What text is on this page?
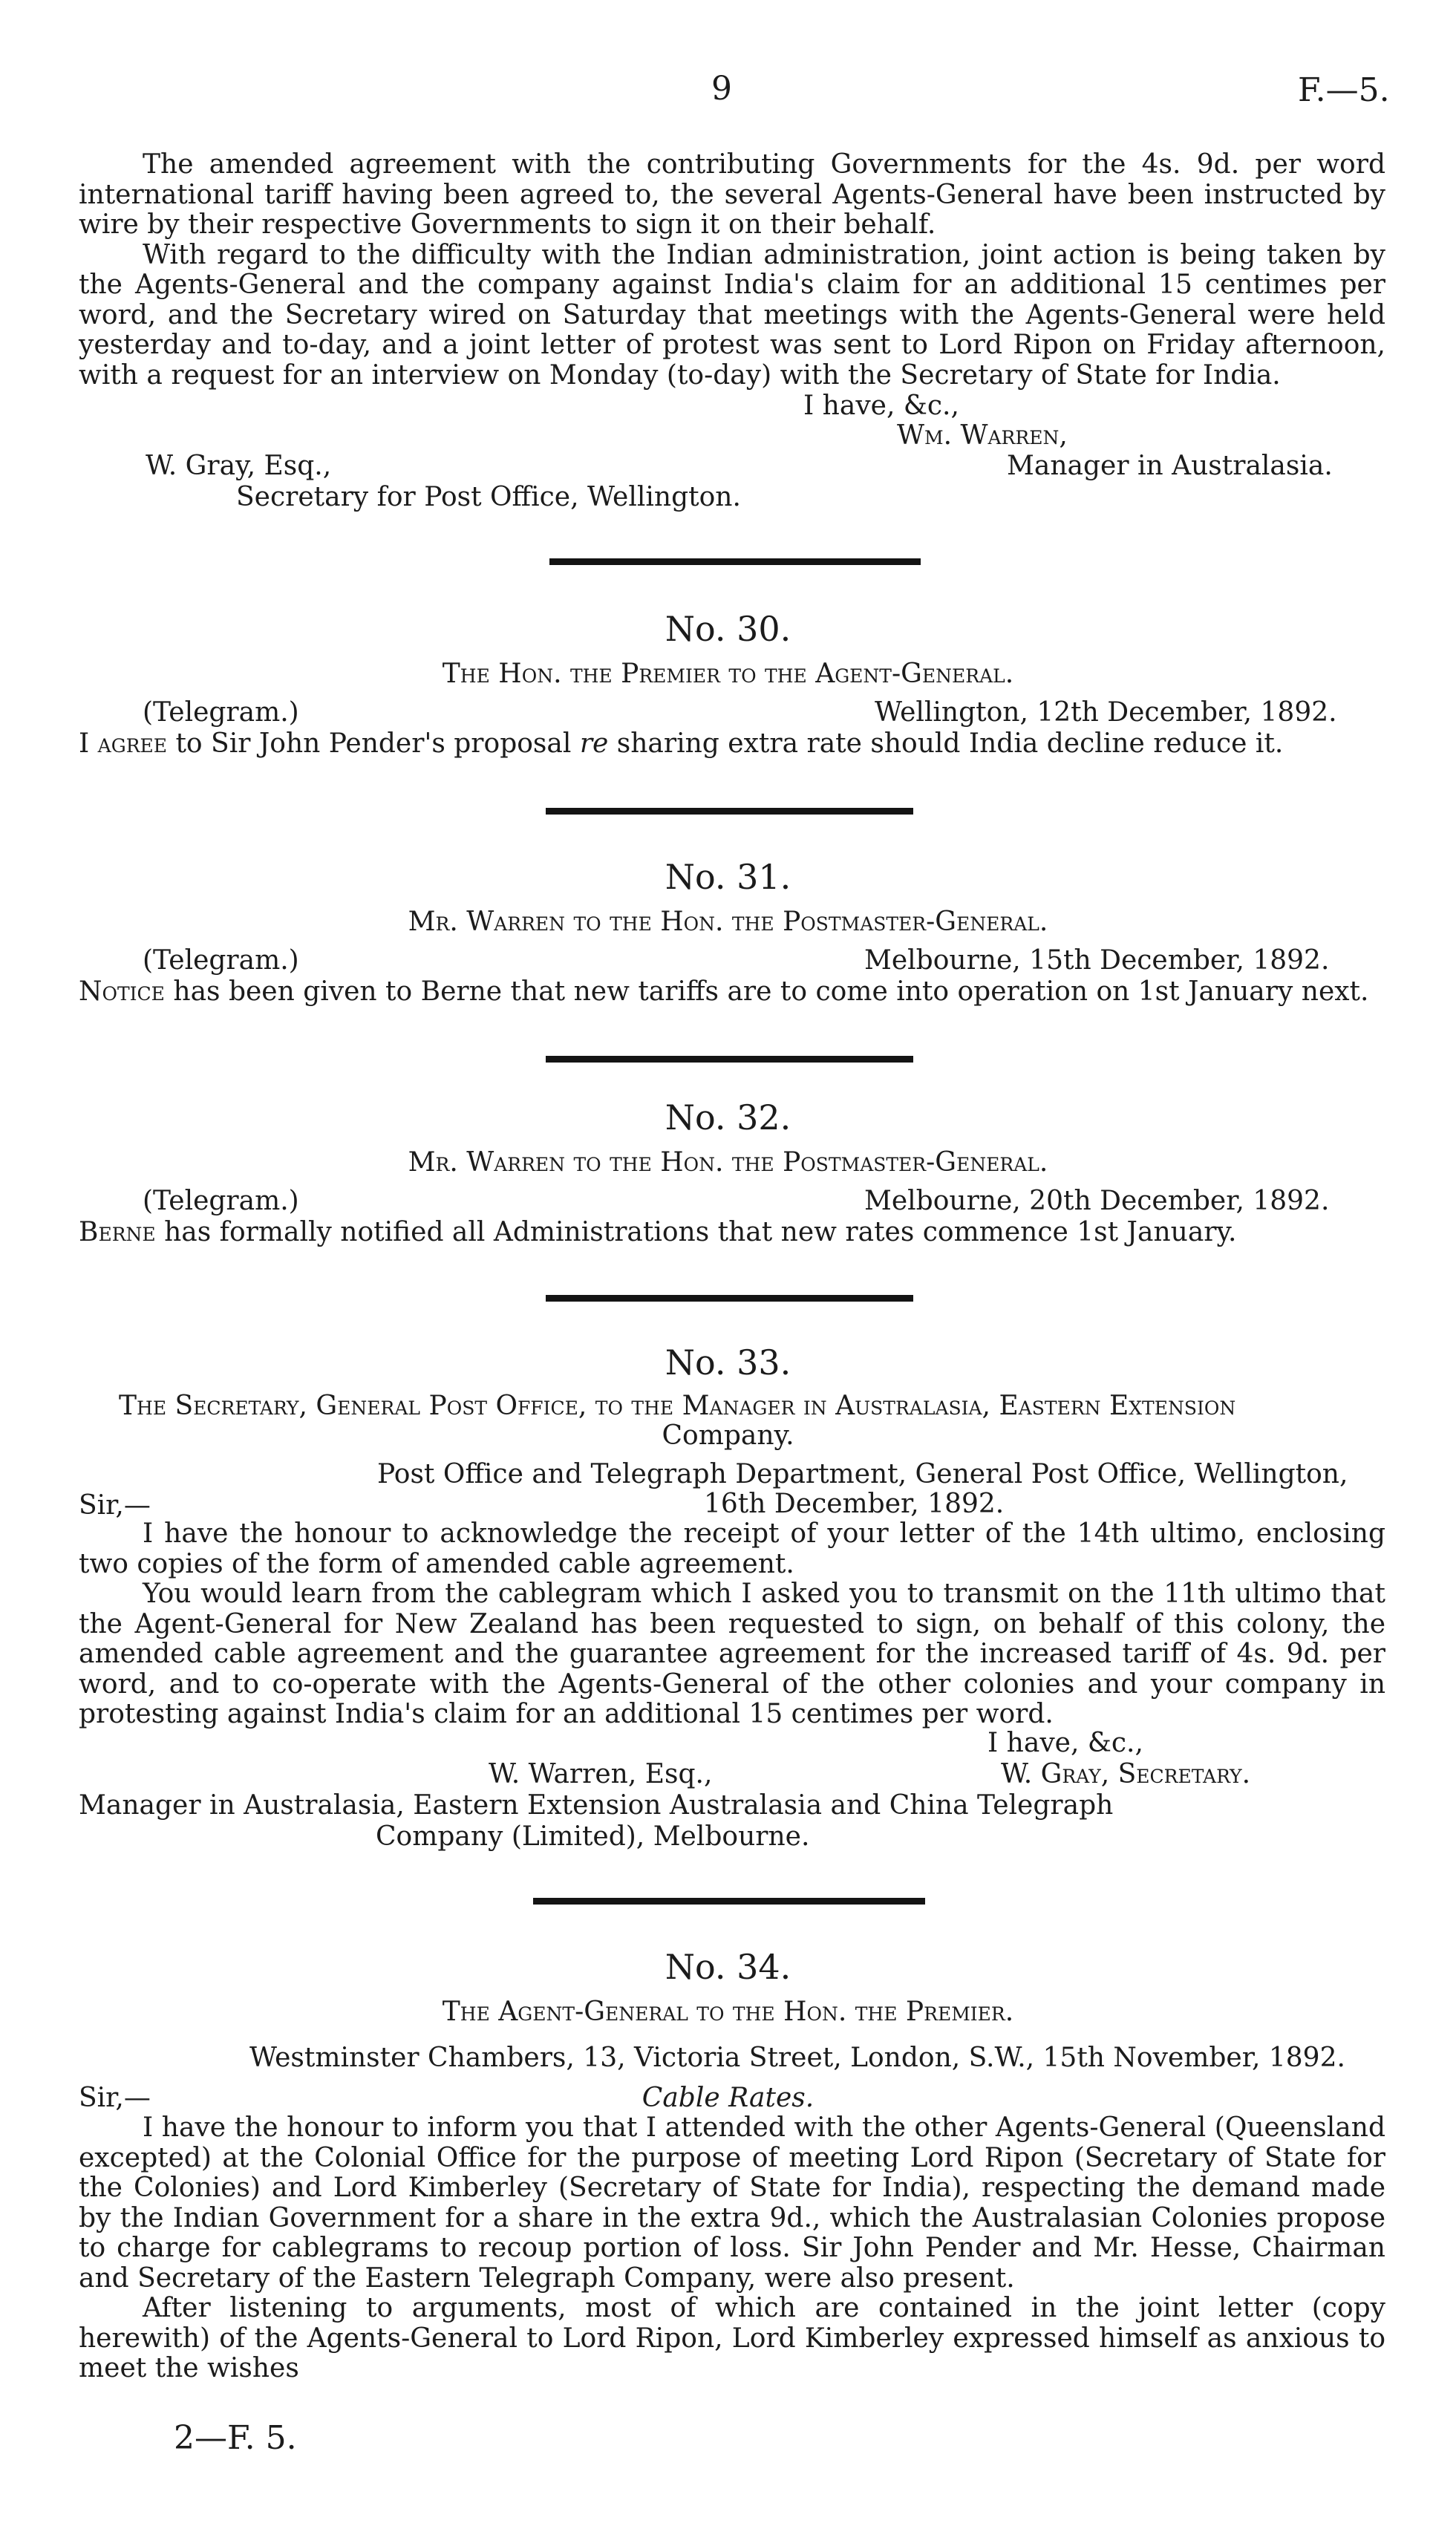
9	F.—5.

The amended agreement with the contributing Governments for the 4s. 9d. per word international tariff having been agreed to, the several Agents-General have been instructed by wire by their respective Governments to sign it on their behalf.

With regard to the difficulty with the Indian administration, joint action is being taken by the Agents-General and the company against India's claim for an additional 15 centimes per word, and the Secretary wired on Saturday that meetings with the Agents-General were held yesterday and to-day, and a joint letter of protest was sent to Lord Ripon on Friday afternoon, with a request for an interview on Monday (to-day) with the Secretary of State for India.

I have, &c.,
Wm. Warren,
W. Gray, Esq.,	Manager in Australasia.
Secretary for Post Office, Wellington.
No. 30.
The Hon. the Premier to the Agent-General.
(Telegram.)	Wellington, 12th December, 1892.
I agree to Sir John Pender's proposal re sharing extra rate should India decline reduce it.
No. 31.
Mr. Warren to the Hon. the Postmaster-General.
(Telegram.)	Melbourne, 15th December, 1892.
Notice has been given to Berne that new tariffs are to come into operation on 1st January next.
No. 32.
Mr. Warren to the Hon. the Postmaster-General.
(Telegram.)	Melbourne, 20th December, 1892.
Berne has formally notified all Administrations that new rates commence 1st January.
No. 33.
The Secretary, General Post Office, to the Manager in Australasia, Eastern Extension
Company.
Post Office and Telegraph Department, General Post Office, Wellington,
Sir,—	16th December, 1892.

I have the honour to acknowledge the receipt of your letter of the 14th ultimo, enclosing two copies of the form of amended cable agreement.

You would learn from the cablegram which I asked you to transmit on the 11th ultimo that the Agent-General for New Zealand has been requested to sign, on behalf of this colony, the amended cable agreement and the guarantee agreement for the increased tariff of 4s. 9d. per word, and to co-operate with the Agents-General of the other colonies and your company in protesting against India's claim for an additional 15 centimes per word.

I have, &c.,
W. Warren, Esq.,	W. Gray, Secretary.
Manager in Australasia, Eastern Extension Australasia and China Telegraph
Company (Limited), Melbourne.
No. 34.
The Agent-General to the Hon. the Premier.
Westminster Chambers, 13, Victoria Street, London, S.W., 15th November, 1892.
Sir,—	Cable Rates.

I have the honour to inform you that I attended with the other Agents-General (Queensland excepted) at the Colonial Office for the purpose of meeting Lord Ripon (Secretary of State for the Colonies) and Lord Kimberley (Secretary of State for India), respecting the demand made by the Indian Government for a share in the extra 9d., which the Australasian Colonies propose to charge for cablegrams to recoup portion of loss. Sir John Pender and Mr. Hesse, Chairman and Secretary of the Eastern Telegraph Company, were also present.

After listening to arguments, most of which are contained in the joint letter (copy herewith) of the Agents-General to Lord Ripon, Lord Kimberley expressed himself as anxious to meet the wishes

2—F. 5.
